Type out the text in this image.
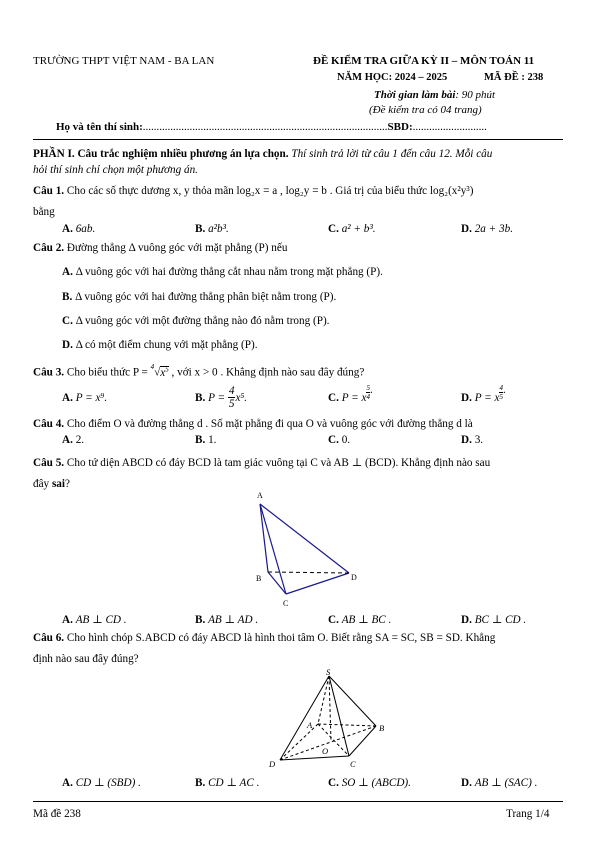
TRƯỜNG THPT VIỆT NAM - BA LAN	ĐỀ KIỂM TRA GIỮA KỲ II – MÔN TOÁN 11
NĂM HỌC: 2024 – 2025	MÃ ĐỀ : 238
Thời gian làm bài: 90 phút
(Đề kiểm tra có 04 trang)
Họ và tên thí sinh:.........................................................................................SBD:...........................
PHẦN I. Câu trắc nghiệm nhiều phương án lựa chọn. Thí sinh trả lời từ câu 1 đến câu 12. Mỗi câu
hỏi thí sinh chỉ chọn một phương án.
Câu 1. Cho các số thực dương x, y thỏa mãn log₂x = a , log₂y = b . Giá trị của biểu thức log₂(x²y³)
bằng
A. 6ab.	B. a²b³.	C. a² + b³.	D. 2a + 3b.
Câu 2. Đường thẳng Δ vuông góc với mặt phẳng (P) nếu
A. Δ vuông góc với hai đường thẳng cắt nhau nằm trong mặt phẳng (P).
B. Δ vuông góc với hai đường thẳng phân biệt nằm trong (P).
C. Δ vuông góc với một đường thẳng nào đó nằm trong (P).
D. Δ có một điểm chung với mặt phẳng (P).
Câu 3. Cho biểu thức $P = ^4√x^5$ , với x > 0 . Khẳng định nào sau đây đúng?
A. P = x⁹.	B. $P = \frac{4}{5} x^5$.	C. P = x $\frac{5}{4}$ .
D. P = x $\frac{4}{5}$ .
Câu 4. Cho điểm O và đường thẳng d . Số mặt phẳng đi qua O và vuông góc với đường thẳng d là
A. 2.	B. 1.	C. 0.	D. 3.
Câu 5. Cho tứ diện ABCD có đáy BCD là tam giác vuông tại C và AB ⊥ (BCD). Khẳng định nào sau
đây sai?
A
B
C
D
A. AB ⊥ CD .	B. AB ⊥ AD .	C. AB ⊥ BC .	D. BC ⊥ CD .
Câu 6. Cho hình chóp S.ABCD có đáy ABCD là hình thoi tâm O. Biết rằng SA = SC, SB = SD. Khẳng
định nào sau đây đúng?
S
A	B
C
D
O
A. CD ⊥ (SBD) .	B. CD ⊥ AC .	C. SO ⊥ (ABCD).	D. AB ⊥ (SAC) .
Mã đề 238	Trang 1/4
